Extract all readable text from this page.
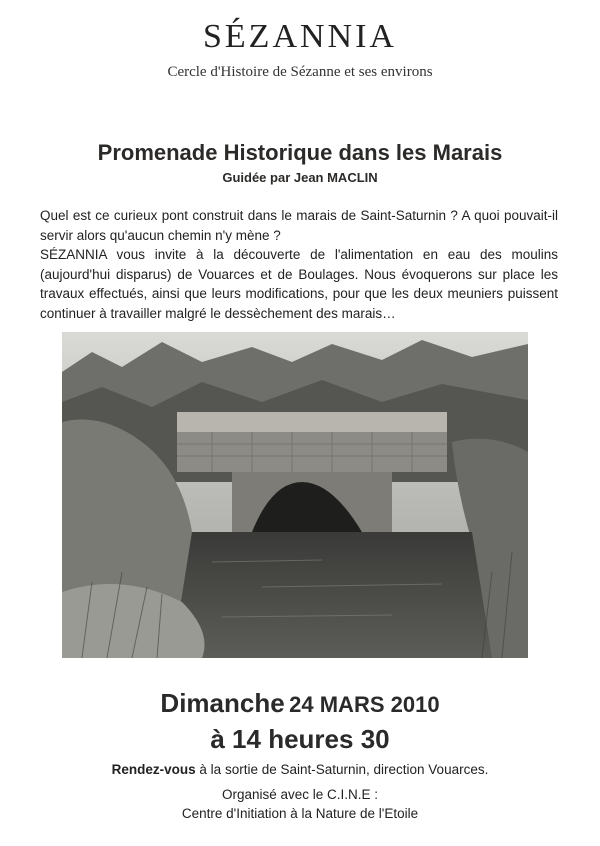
SÉZANNIA
Cercle d'Histoire de Sézanne et ses environs
Promenade Historique dans les Marais
Guidée par Jean MACLIN

Quel est ce curieux pont construit dans le marais de Saint-Saturnin ? A quoi pouvait-il servir alors qu'aucun chemin n'y mène ?

SÉZANNIA vous invite à la découverte de l'alimentation en eau des moulins (aujourd'hui disparus) de Vouarces et de Boulages. Nous évoquerons sur place les travaux effectués, ainsi que leurs modifications, pour que les deux meuniers puissent continuer à travailler malgré le dessèchement des marais…

Dimanche 24 MARS 2010
à 14 heures 30
Rendez-vous à la sortie de Saint-Saturnin, direction Vouarces.
Organisé avec le C.I.N.E :
Centre d'Initiation à la Nature de l'Etoile
